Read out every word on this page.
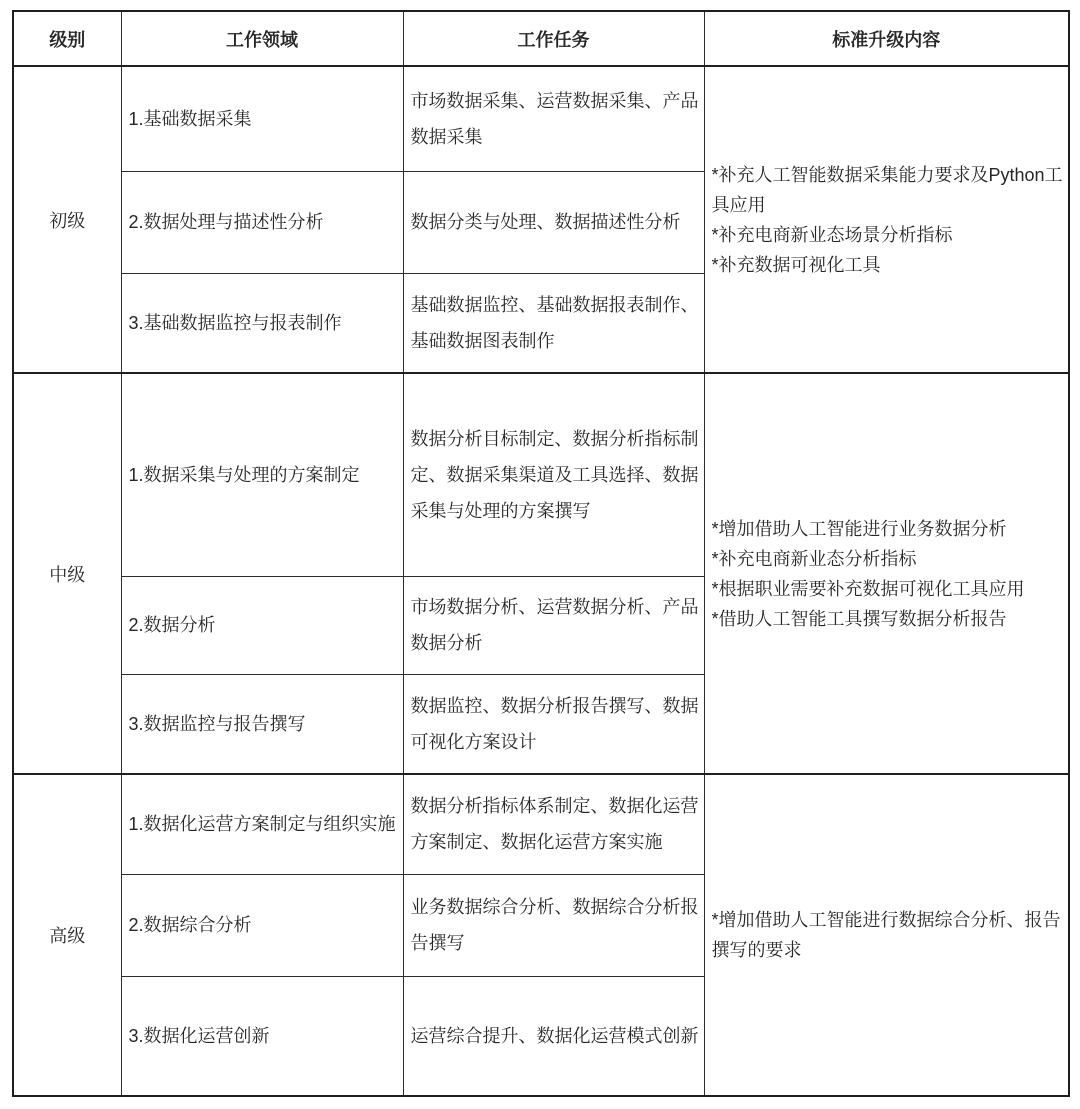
级别	工作领域	工作任务	标准升级内容
初级	1.基础数据采集	市场数据采集、运营数据采集、产品数据采集	*补充人工智能数据采集能力要求及Python工具应用
*补充电商新业态场景分析指标
*补充数据可视化工具

	2.数据处理与描述性分析	数据分类与处理、数据描述性分析	
	3.基础数据监控与报表制作	基础数据监控、基础数据报表制作、基础数据图表制作	
中级	1.数据采集与处理的方案制定	数据分析目标制定、数据分析指标制定、数据采集渠道及工具选择、数据采集与处理的方案撰写	*增加借助人工智能进行业务数据分析
*补充电商新业态分析指标
*根据职业需要补充数据可视化工具应用
*借助人工智能工具撰写数据分析报告

	2.数据分析	市场数据分析、运营数据分析、产品数据分析	
	3.数据监控与报告撰写	数据监控、数据分析报告撰写、数据可视化方案设计	
高级	1.数据化运营方案制定与组织实施	数据分析指标体系制定、数据化运营方案制定、数据化运营方案实施	*增加借助人工智能进行数据综合分析、报告撰写的要求

	2.数据综合分析	业务数据综合分析、数据综合分析报告撰写	
	3.数据化运营创新	运营综合提升、数据化运营模式创新	
